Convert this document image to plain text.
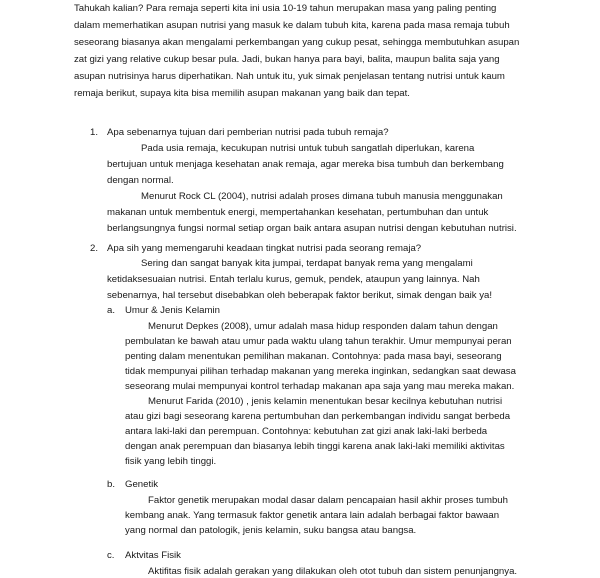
Tahukah kalian? Para remaja seperti kita ini usia 10-19 tahun merupakan masa yang paling penting
dalam memerhatikan asupan nutrisi yang masuk ke dalam tubuh kita, karena pada masa remaja tubuh
seseorang biasanya akan mengalami perkembangan yang cukup pesat, sehingga membutuhkan asupan
zat gizi yang relative cukup besar pula. Jadi, bukan hanya para bayi, balita, maupun balita saja yang
asupan nutrisinya harus diperhatikan. Nah untuk itu, yuk simak penjelasan tentang nutrisi untuk kaum
remaja berikut, supaya kita bisa memilih asupan makanan yang baik dan tepat.
1. Apa sebenarnya tujuan dari pemberian nutrisi pada tubuh remaja?
Pada usia remaja, kecukupan nutrisi untuk tubuh sangatlah diperlukan, karena
bertujuan untuk menjaga kesehatan anak remaja, agar mereka bisa tumbuh dan berkembang
dengan normal.
Menurut Rock CL (2004), nutrisi adalah proses dimana tubuh manusia menggunakan
makanan untuk membentuk energi, mempertahankan kesehatan, pertumbuhan dan untuk
berlangsungnya fungsi normal setiap organ baik antara asupan nutrisi dengan kebutuhan nutrisi.
2. Apa sih yang memengaruhi keadaan tingkat nutrisi pada seorang remaja?
Sering dan sangat banyak kita jumpai, terdapat banyak rema yang mengalami
ketidaksesuaian nutrisi. Entah terlalu kurus, gemuk, pendek, ataupun yang lainnya. Nah
sebenarnya, hal tersebut disebabkan oleh beberapak faktor berikut, simak dengan baik ya!
a. Umur & Jenis Kelamin
Menurut Depkes (2008), umur adalah masa hidup responden dalam tahun dengan
pembulatan ke bawah atau umur pada waktu ulang tahun terakhir. Umur mempunyai peran
penting dalam menentukan pemilihan makanan. Contohnya: pada masa bayi, seseorang
tidak mempunyai pilihan terhadap makanan yang mereka inginkan, sedangkan saat dewasa
seseorang mulai mempunyai kontrol terhadap makanan apa saja yang mau mereka makan.
Menurut Farida (2010) , jenis kelamin menentukan besar kecilnya kebutuhan nutrisi
atau gizi bagi seseorang karena pertumbuhan dan perkembangan individu sangat berbeda
antara laki-laki dan perempuan. Contohnya: kebutuhan zat gizi anak laki-laki berbeda
dengan anak perempuan dan biasanya lebih tinggi karena anak laki-laki memiliki aktivitas
fisik yang lebih tinggi.
b. Genetik
Faktor genetik merupakan modal dasar dalam pencapaian hasil akhir proses tumbuh
kembang anak. Yang termasuk faktor genetik antara lain adalah berbagai faktor bawaan
yang normal dan patologik, jenis kelamin, suku bangsa atau bangsa.
c. Aktvitas Fisik
Aktifitas fisik adalah gerakan yang dilakukan oleh otot tubuh dan sistem penunjangnya.
